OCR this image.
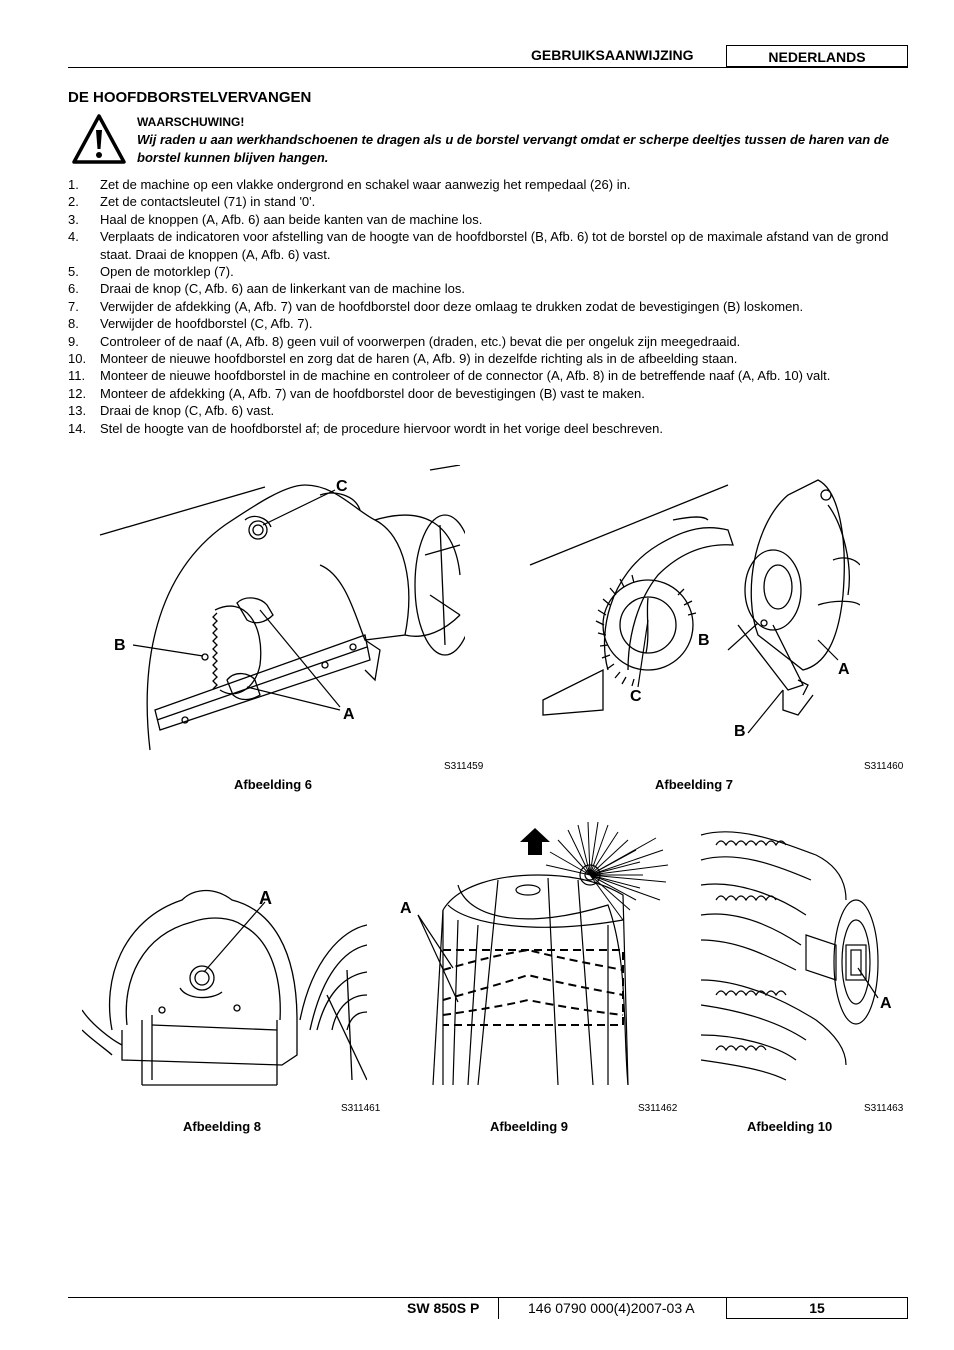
GEBRUIKSAANWIJZING	NEDERLANDS
DE HOOFDBORSTELVERVANGEN
WAARSCHUWING!
Wij raden u aan werkhandschoenen te dragen als u de borstel vervangt omdat er scherpe deeltjes tussen de haren van de borstel kunnen blijven hangen.
1. Zet de machine op een vlakke ondergrond en schakel waar aanwezig het rempedaal (26) in.
2. Zet de contactsleutel (71) in stand '0'.
3. Haal de knoppen (A, Afb. 6) aan beide kanten van de machine los.
4. Verplaats de indicatoren voor afstelling van de hoogte van de hoofdborstel (B, Afb. 6) tot de borstel op de maximale afstand van de grond staat. Draai de knoppen (A, Afb. 6) vast.
5. Open de motorklep (7).
6. Draai de knop (C, Afb. 6) aan de linkerkant van de machine los.
7. Verwijder de afdekking (A, Afb. 7) van de hoofdborstel door deze omlaag te drukken zodat de bevestigingen (B) loskomen.
8. Verwijder de hoofdborstel (C, Afb. 7).
9. Controleer of de naaf (A, Afb. 8) geen vuil of voorwerpen (draden, etc.) bevat die per ongeluk zijn meegedraaid.
10. Monteer de nieuwe hoofdborstel en zorg dat de haren (A, Afb. 9) in dezelfde richting als in de afbeelding staan.
11. Monteer de nieuwe hoofdborstel in de machine en controleer of de connector (A, Afb. 8) in de betreffende naaf (A, Afb. 10) valt.
12. Monteer de afdekking (A, Afb. 7) van de hoofdborstel door de bevestigingen (B) vast te maken.
13. Draai de knop (C, Afb. 6) vast.
14. Stel de hoogte van de hoofdborstel af; de procedure hiervoor wordt in het vorige deel beschreven.
C
B
A
S311459
Afbeelding 6
B
A
C
B
S311460
Afbeelding 7
A
S311461
Afbeelding 8
A
S311462
Afbeelding 9
A
S311463
Afbeelding 10
SW 850S P	146 0790 000(4)2007-03 A	15
